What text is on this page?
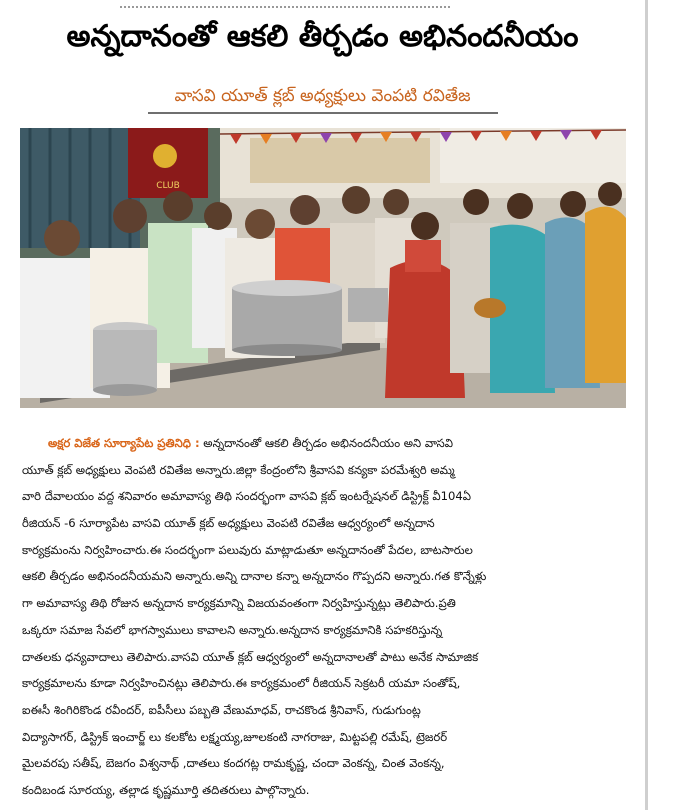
అన్నదానంతో ఆకలి తీర్చడం అభినందనీయం
వాసవి యూత్ క్లబ్ అధ్యక్షులు వెంపటి రవితేజ
CLUB
అక్షర విజేత సూర్యాపేట ప్రతినిధి : అన్నదానంతో ఆకలి తీర్చడం అభినందనీయం అని వాసవి
యూత్ క్లబ్ అధ్యక్షులు వెంపటి రవితేజ అన్నారు.జిల్లా కేంద్రంలోని శ్రీవాసవి కన్యకా పరమేశ్వరి అమ్మ
వారి దేవాలయం వద్ద శనివారం అమావాస్య తిథి సందర్భంగా వాసవి క్లబ్ ఇంటర్నేషనల్ డిస్ట్రిక్ట్ వీ104ఏ
రీజియన్ -6 సూర్యాపేట వాసవి యూత్ క్లబ్ అధ్యక్షులు వెంపటి రవితేజ ఆధ్వర్యంలో అన్నదాన
కార్యక్రమంను నిర్వహించారు.ఈ సందర్భంగా పలువురు మాట్లాడుతూ అన్నదానంతో పేదల, బాటసారుల
ఆకలి తీర్చడం అభినందనీయమని అన్నారు.అన్ని దానాల కన్నా అన్నదానం గొప్పదని అన్నారు.గత కొన్నేళ్లు
గా అమావాస్య తిథి రోజున అన్నదాన కార్యక్రమాన్ని విజయవంతంగా నిర్వహిస్తున్నట్లు తెలిపారు.ప్రతి
ఒక్కరూ సమాజ సేవలో భాగస్వాములు కావాలని అన్నారు.అన్నదాన కార్యక్రమానికి సహకరిస్తున్న
దాతలకు ధన్యవాదాలు తెలిపారు.వాసవి యూత్ క్లబ్ ఆధ్వర్యంలో అన్నదానాలతో పాటు అనేక సామాజిక
కార్యక్రమాలను కూడా నిర్వహించినట్లు తెలిపారు.ఈ కార్యక్రమంలో రీజియన్ సెక్రటరీ యమా సంతోష్,
ఐఈసీ శింగిరికొండ రవీందర్, ఐపీసీలు పబ్బతి వేణుమాధవ్, రాచకొండ శ్రీనివాస్, గుడుగుంట్ల
విద్యాసాగర్, డిస్ట్రిక్ ఇంచార్జ్ లు కలకోట లక్ష్మయ్య,జూలకంటి నాగరాజు, మిట్టపల్లి రమేష్, ట్రెజరర్
మైలవరపు సతీష్, బెజగం విశ్వనాథ్ ,దాతలు కందగట్ల రామకృష్ణ, చందా వెంకన్న, చింత వెంకన్న,
కందిబండ సూరయ్య, తల్లాడ కృష్ణమూర్తి తదితరులు పాల్గొన్నారు.
